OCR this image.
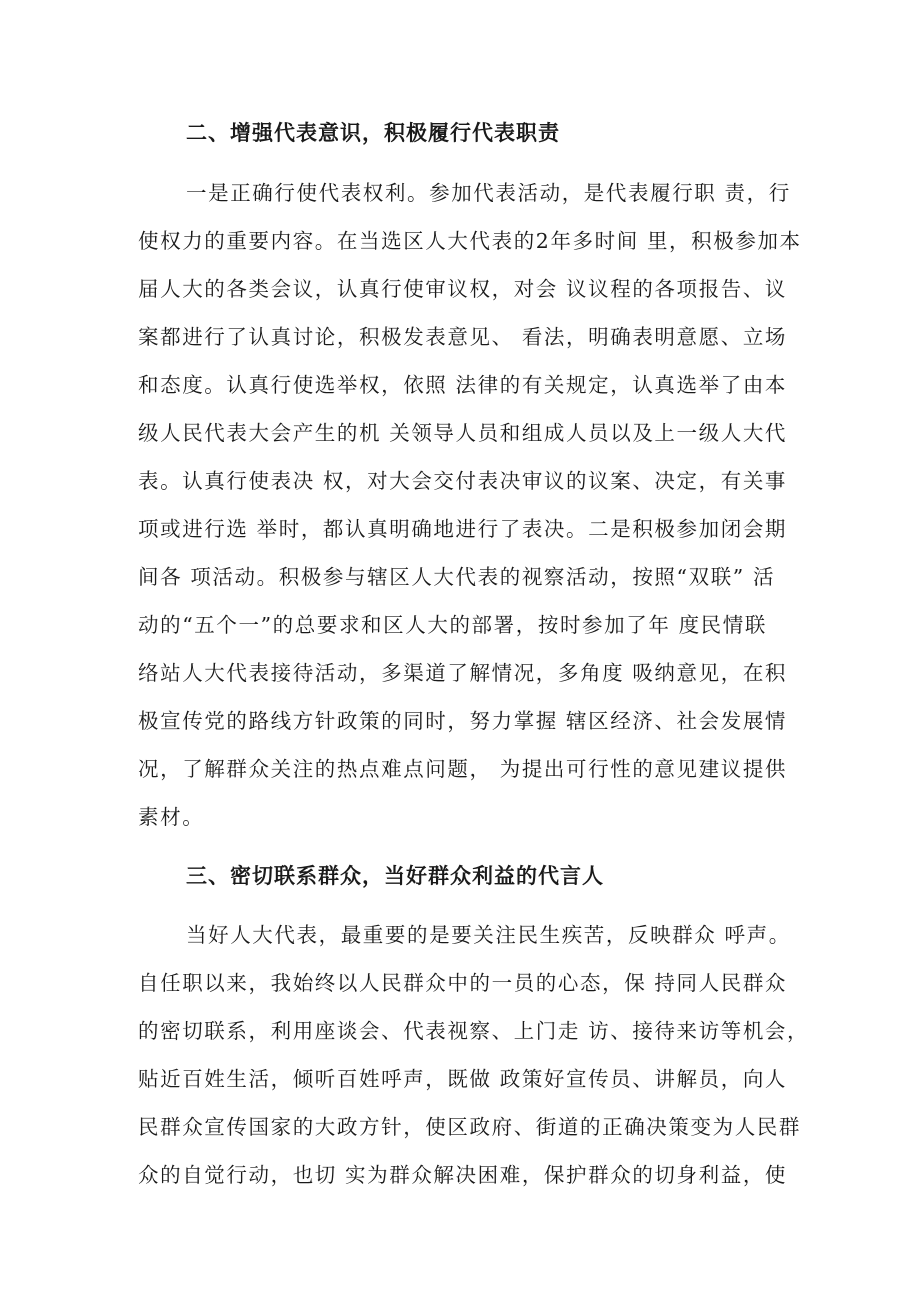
二、增强代表意识，积极履行代表职责

一是正确行使代表权利。参加代表活动，是代表履行职 责，行

使权力的重要内容。在当选区人大代表的2年多时间 里，积极参加本

届人大的各类会议，认真行使审议权，对会 议议程的各项报告、议

案都进行了认真讨论，积极发表意见、 看法，明确表明意愿、立场

和态度。认真行使选举权，依照 法律的有关规定，认真选举了由本

级人民代表大会产生的机 关领导人员和组成人员以及上一级人大代

表。认真行使表决 权，对大会交付表决审议的议案、决定，有关事

项或进行选 举时，都认真明确地进行了表决。二是积极参加闭会期

间各 项活动。积极参与辖区人大代表的视察活动，按照“双联” 活

动的“五个一”的总要求和区人大的部署，按时参加了年 度民情联

络站人大代表接待活动，多渠道了解情况，多角度 吸纳意见，在积

极宣传党的路线方针政策的同时，努力掌握 辖区经济、社会发展情

况，了解群众关注的热点难点问题， 为提出可行性的意见建议提供

素材。

三、密切联系群众，当好群众利益的代言人

当好人大代表，最重要的是要关注民生疾苦，反映群众 呼声。

自任职以来，我始终以人民群众中的一员的心态，保 持同人民群众

的密切联系，利用座谈会、代表视察、上门走 访、接待来访等机会，

贴近百姓生活，倾听百姓呼声，既做 政策好宣传员、讲解员，向人

民群众宣传国家的大政方针，使区政府、街道的正确决策变为人民群

众的自觉行动，也切 实为群众解决困难，保护群众的切身利益，使
